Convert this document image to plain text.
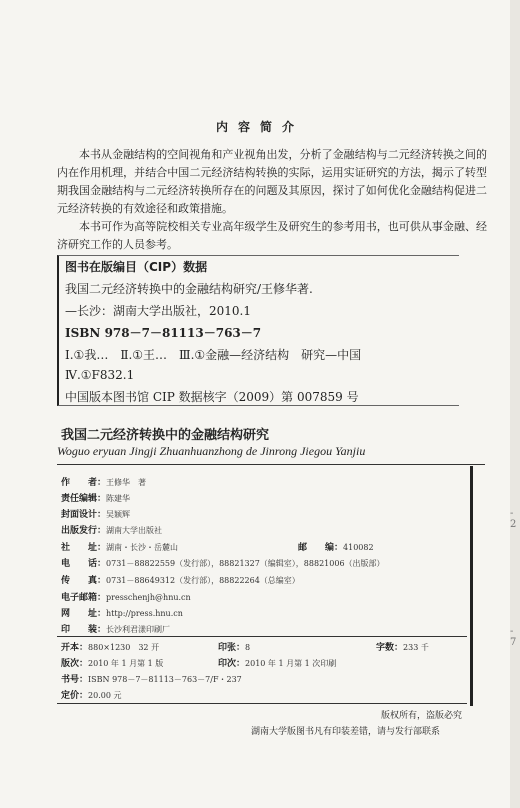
内容简介

本书从金融结构的空间视角和产业视角出发，分析了金融结构与二元经济转换之间的内在作用机理，并结合中国二元经济结构转换的实际，运用实证研究的方法，揭示了转型期我国金融结构与二元经济转换所存在的问题及其原因，探讨了如何优化金融结构促进二元经济转换的有效途径和政策措施。

本书可作为高等院校相关专业高年级学生及研究生的参考用书，也可供从事金融、经济研究工作的人员参考。

图书在版编目（CIP）数据
我国二元经济转换中的金融结构研究/王修华著.
—长沙：湖南大学出版社，2010.1
ISBN 978－7－81113－763－7
Ⅰ.①我…　Ⅱ.①王…　Ⅲ.①金融—经济结构　研究—中国
Ⅳ.①F832.1
中国版本图书馆 CIP 数据核字（2009）第 007859 号
我国二元经济转换中的金融结构研究
Woguo eryuan Jingji Zhuanhuanzhong de Jinrong Jiegou Yanjiu
作　　者：王修华　著
责任编辑：陈建华
封面设计：吴颖辉
出版发行：湖南大学出版社
社　　址：湖南・长沙・岳麓山	邮　　编：410082
电　　话：0731－88822559（发行部），88821327（编辑室），88821006（出版部）
传　　真：0731－88649312（发行部），88822264（总编室）
电子邮箱：presschenjh@hnu.cn
网　　址：http://press.hnu.cn
印　　装：长沙利君漾印刷厂
开本：880×1230　32 开	印张：8	字数：233 千
版次：2010 年 1 月第 1 版	印次：2010 年 1 月第 1 次印刷
书号：ISBN 978－7－81113－763－7/F・237
定价：20.00 元
版权所有，盗版必究
湖南大学版图书凡有印装差错，请与发行部联系
- 2
- 7
